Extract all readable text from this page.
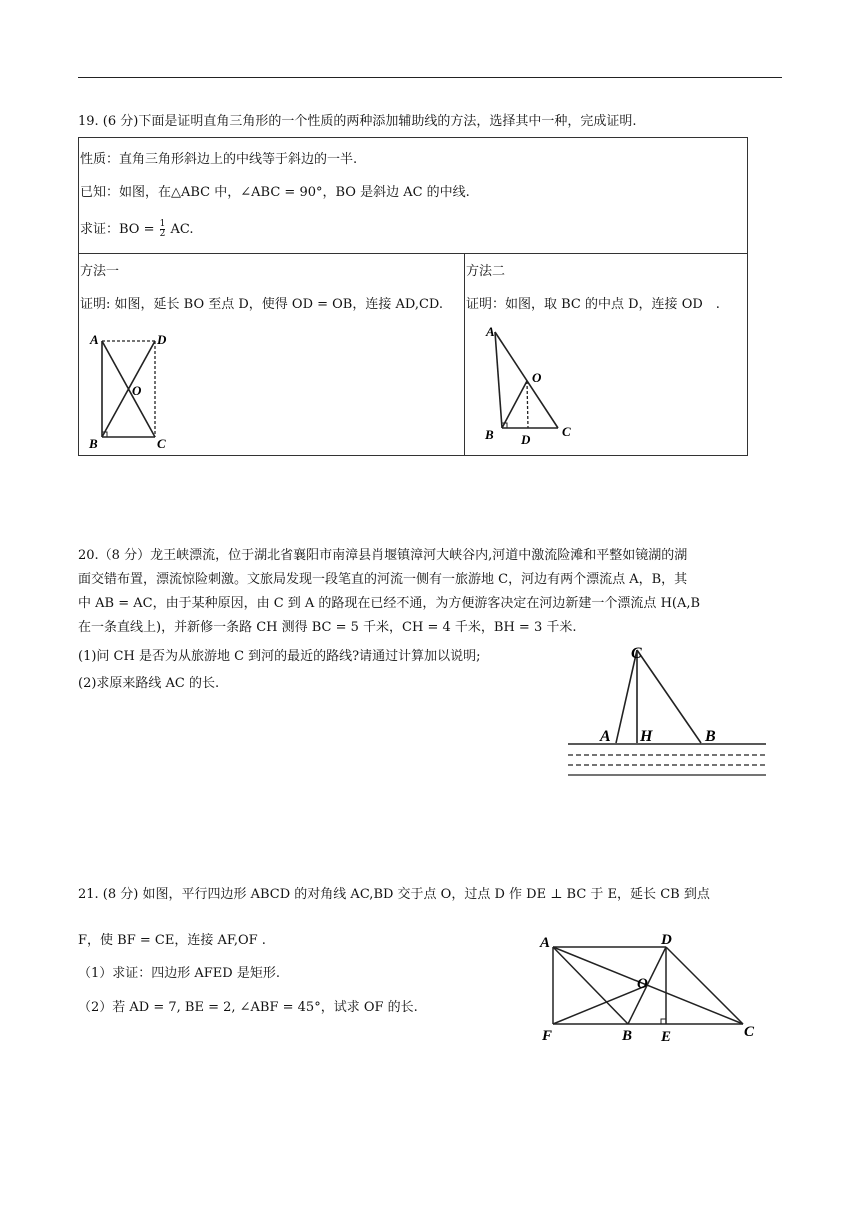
19. (6 分)下面是证明直角三角形的一个性质的两种添加辅助线的方法，选择其中一种，完成证明.
性质：直角三角形斜边上的中线等于斜边的一半.
已知：如图，在△ABC 中，∠ABC = 90°，BO 是斜边 AC 的中线.
求证：BO = $\frac{1}{2}$ AC.
方法一
证明: 如图，延长 BO 至点 D，使得 OD = OB，连接 AD,CD.
A	D
O
B	C
方法二
证明：如图，取 BC 的中点 D，连接 OD　.
A
O
B D
C
20.（8 分）龙王峡漂流，位于湖北省襄阳市南漳县肖堰镇漳河大峡谷内,河道中激流险滩和平整如镜湖的湖
面交错布置，漂流惊险刺激。文旅局发现一段笔直的河流一侧有一旅游地 C，河边有两个漂流点 A，B，其
中 AB = AC，由于某种原因，由 C 到 A 的路现在已经不通，为方便游客决定在河边新建一个漂流点 H(A,B
在一条直线上)，并新修一条路 CH 测得 BC = 5 千米，CH = 4 千米，BH = 3 千米.
(1)问 CH 是否为从旅游地 C 到河的最近的路线?请通过计算加以说明;
(2)求原来路线 AC 的长.
C
A H	B
21. (8 分) 如图，平行四边形 ABCD 的对角线 AC,BD 交于点 O，过点 D 作 DE ⊥ BC 于 E，延长 CB 到点
F，使 BF = CE，连接 AF,OF .
（1）求证：四边形 AFED 是矩形.
（2）若 AD = 7, BE = 2, ∠ABF = 45°，试求 OF 的长.
A	D
O
F	B E	C
